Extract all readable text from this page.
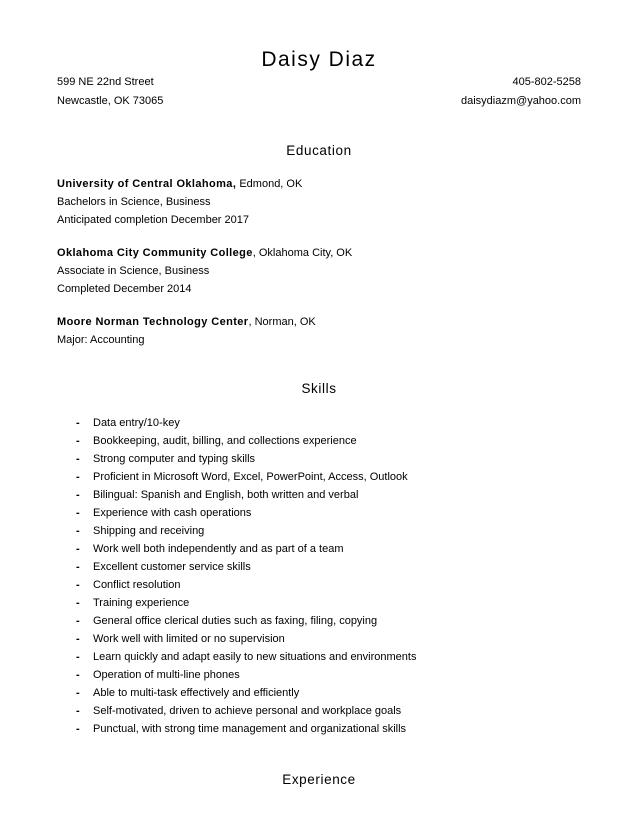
Daisy Diaz
599 NE 22nd Street
Newcastle, OK 73065
405-802-5258
daisydiazm@yahoo.com
Education
University of Central Oklahoma, Edmond, OK
Bachelors in Science, Business
Anticipated completion December 2017
Oklahoma City Community College, Oklahoma City, OK
Associate in Science, Business
Completed December 2014
Moore Norman Technology Center, Norman, OK
Major: Accounting
Skills
- Data entry/10-key
- Bookkeeping, audit, billing, and collections experience
- Strong computer and typing skills
- Proficient in Microsoft Word, Excel, PowerPoint, Access, Outlook
- Bilingual: Spanish and English, both written and verbal
- Experience with cash operations
- Shipping and receiving
- Work well both independently and as part of a team
- Excellent customer service skills
- Conflict resolution
- Training experience
- General office clerical duties such as faxing, filing, copying
- Work well with limited or no supervision
- Learn quickly and adapt easily to new situations and environments
- Operation of multi-line phones
- Able to multi-task effectively and efficiently
- Self-motivated, driven to achieve personal and workplace goals
- Punctual, with strong time management and organizational skills
Experience
